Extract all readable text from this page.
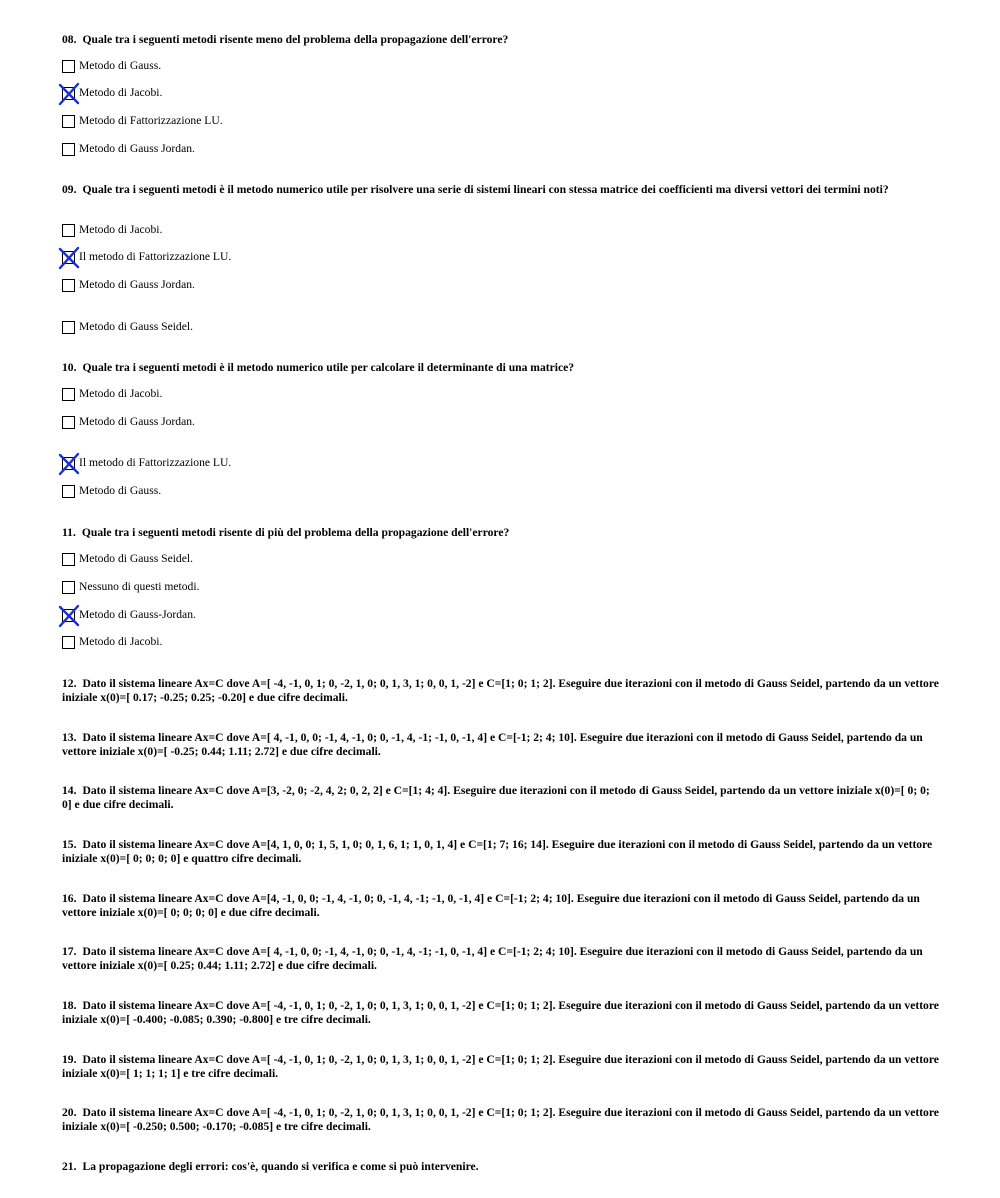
08. Quale tra i seguenti metodi risente meno del problema della propagazione dell'errore?
Metodo di Gauss.
Metodo di Jacobi.
Metodo di Fattorizzazione LU.
Metodo di Gauss Jordan.
09. Quale tra i seguenti metodi è il metodo numerico utile per risolvere una serie di sistemi lineari con stessa matrice dei coefficienti ma diversi vettori dei termini noti?
Metodo di Jacobi.
Il metodo di Fattorizzazione LU.
Metodo di Gauss Jordan.
Metodo di Gauss Seidel.
10. Quale tra i seguenti metodi è il metodo numerico utile per calcolare il determinante di una matrice?
Metodo di Jacobi.
Metodo di Gauss Jordan.
Il metodo di Fattorizzazione LU.
Metodo di Gauss.
11. Quale tra i seguenti metodi risente di più del problema della propagazione dell'errore?
Metodo di Gauss Seidel.
Nessuno di questi metodi.
Metodo di Gauss-Jordan.
Metodo di Jacobi.
12. Dato il sistema lineare Ax=C dove A=[ -4, -1, 0, 1; 0, -2, 1, 0; 0, 1, 3, 1; 0, 0, 1, -2] e C=[1; 0; 1; 2]. Eseguire due iterazioni con il metodo di Gauss Seidel, partendo da un vettore iniziale x(0)=[ 0.17; -0.25; 0.25; -0.20] e due cifre decimali.
13. Dato il sistema lineare Ax=C dove A=[ 4, -1, 0, 0; -1, 4, -1, 0; 0, -1, 4, -1; -1, 0, -1, 4] e C=[-1; 2; 4; 10]. Eseguire due iterazioni con il metodo di Gauss Seidel, partendo da un vettore iniziale x(0)=[ -0.25; 0.44; 1.11; 2.72] e due cifre decimali.
14. Dato il sistema lineare Ax=C dove A=[3, -2, 0; -2, 4, 2; 0, 2, 2] e C=[1; 4; 4]. Eseguire due iterazioni con il metodo di Gauss Seidel, partendo da un vettore iniziale x(0)=[ 0; 0; 0] e due cifre decimali.
15. Dato il sistema lineare Ax=C dove A=[4, 1, 0, 0; 1, 5, 1, 0; 0, 1, 6, 1; 1, 0, 1, 4] e C=[1; 7; 16; 14]. Eseguire due iterazioni con il metodo di Gauss Seidel, partendo da un vettore iniziale x(0)=[ 0; 0; 0; 0] e quattro cifre decimali.
16. Dato il sistema lineare Ax=C dove A=[4, -1, 0, 0; -1, 4, -1, 0; 0, -1, 4, -1; -1, 0, -1, 4] e C=[-1; 2; 4; 10]. Eseguire due iterazioni con il metodo di Gauss Seidel, partendo da un vettore iniziale x(0)=[ 0; 0; 0; 0] e due cifre decimali.
17. Dato il sistema lineare Ax=C dove A=[ 4, -1, 0, 0; -1, 4, -1, 0; 0, -1, 4, -1; -1, 0, -1, 4] e C=[-1; 2; 4; 10]. Eseguire due iterazioni con il metodo di Gauss Seidel, partendo da un vettore iniziale x(0)=[ 0.25; 0.44; 1.11; 2.72] e due cifre decimali.
18. Dato il sistema lineare Ax=C dove A=[ -4, -1, 0, 1; 0, -2, 1, 0; 0, 1, 3, 1; 0, 0, 1, -2] e C=[1; 0; 1; 2]. Eseguire due iterazioni con il metodo di Gauss Seidel, partendo da un vettore iniziale x(0)=[ -0.400; -0.085; 0.390; -0.800] e tre cifre decimali.
19. Dato il sistema lineare Ax=C dove A=[ -4, -1, 0, 1; 0, -2, 1, 0; 0, 1, 3, 1; 0, 0, 1, -2] e C=[1; 0; 1; 2]. Eseguire due iterazioni con il metodo di Gauss Seidel, partendo da un vettore iniziale x(0)=[ 1; 1; 1; 1] e tre cifre decimali.
20. Dato il sistema lineare Ax=C dove A=[ -4, -1, 0, 1; 0, -2, 1, 0; 0, 1, 3, 1; 0, 0, 1, -2] e C=[1; 0; 1; 2]. Eseguire due iterazioni con il metodo di Gauss Seidel, partendo da un vettore iniziale x(0)=[ -0.250; 0.500; -0.170; -0.085] e tre cifre decimali.
21. La propagazione degli errori: cos'è, quando si verifica e come si può intervenire.
